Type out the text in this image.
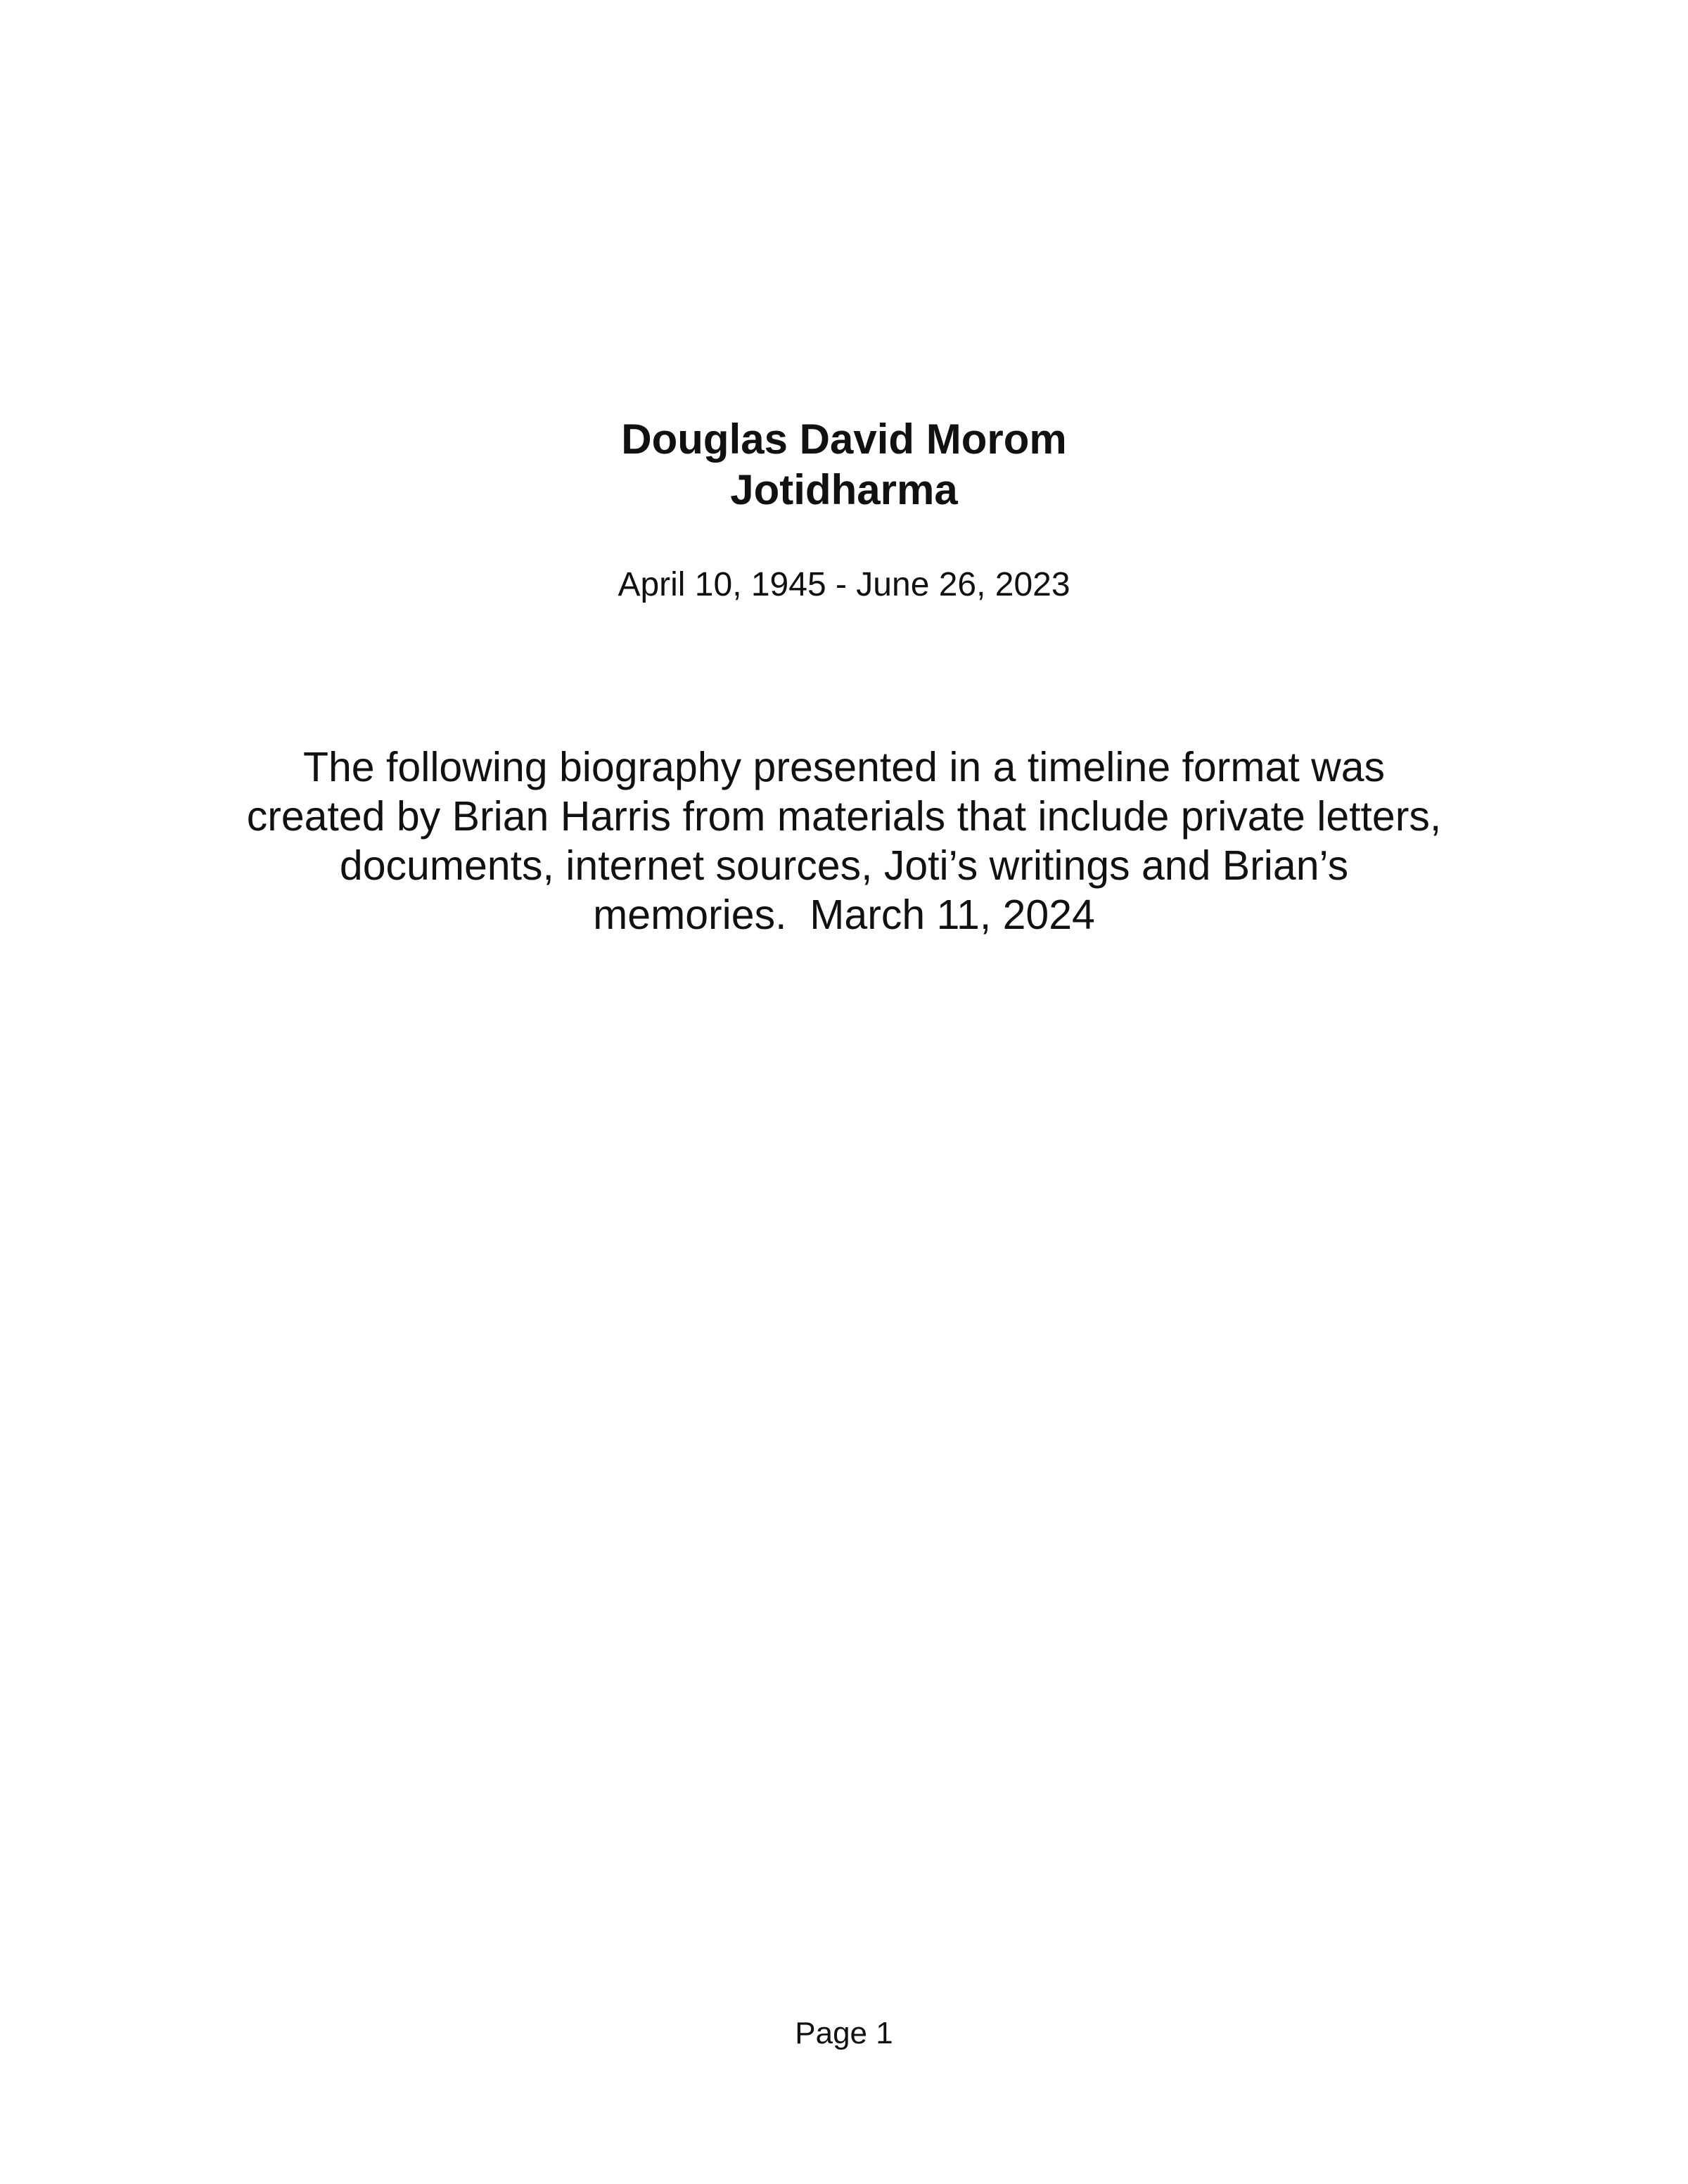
Douglas David Morom
Jotidharma
April 10, 1945 - June 26, 2023
The following biography presented in a timeline format was
created by Brian Harris from materials that include private letters,
documents, internet sources, Joti’s writings and Brian’s
memories.  March 11, 2024
Page 1
